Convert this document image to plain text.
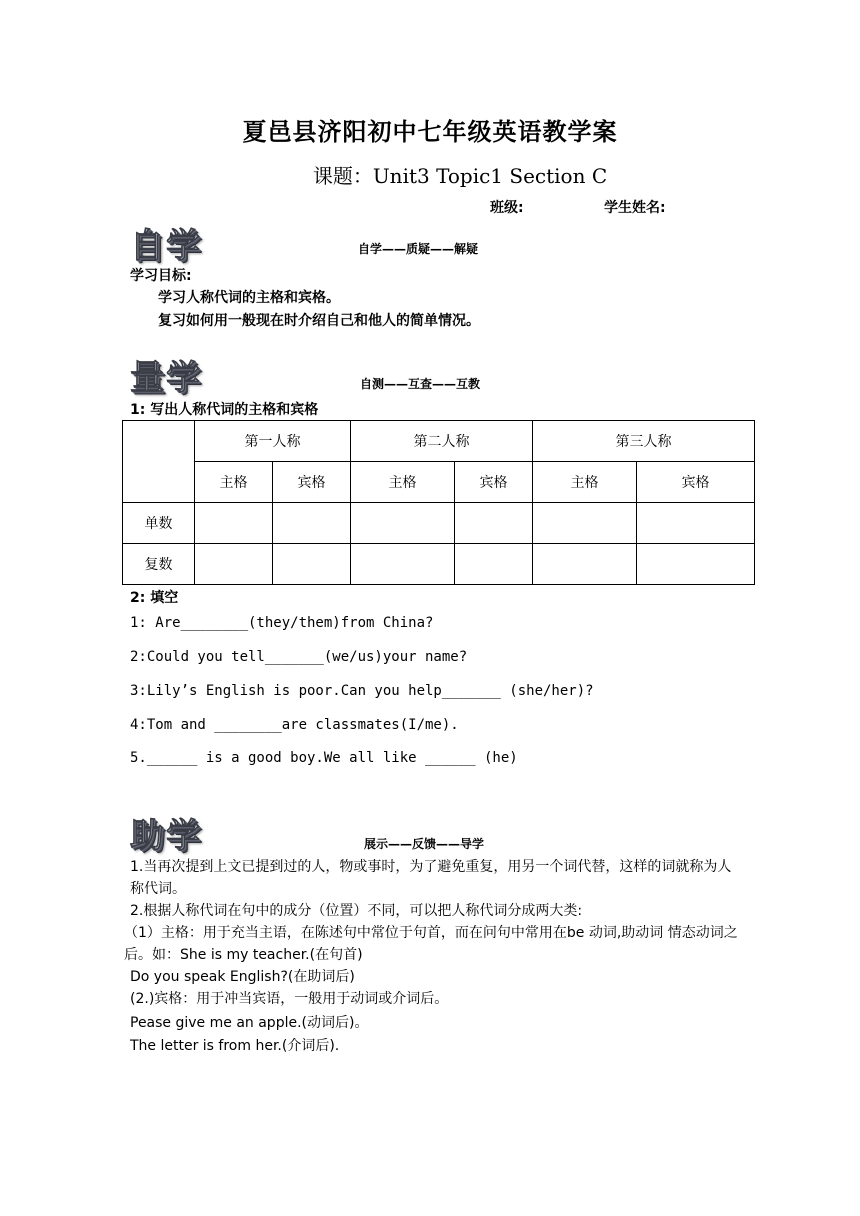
夏邑县济阳初中七年级英语教学案
课题：Unit3 Topic1 Section C
班级:	学生姓名:
自学	自学——质疑——解疑
学习目标:
学习人称代词的主格和宾格。
复习如何用一般现在时介绍自己和他人的简单情况。
量学	自测——互查——互教
1: 写出人称代词的主格和宾格
	第一人称		第二人称		第三人称	
	主格	宾格	主格	宾格	主格	宾格
单数						
复数						
2: 填空
1: Are________(they/them)from China?
2:Could you tell_______(we/us)your name?
3:Lily’s English is poor.Can you help_______ (she/her)?
4:Tom and ________are classmates(I/me).
5.______ is a good boy.We all like ______ (he)
助学	展示——反馈——导学
1.当再次提到上文已提到过的人，物或事时，为了避免重复，用另一个词代替，这样的词就称为人称代词。
2.根据人称代词在句中的成分（位置）不同，可以把人称代词分成两大类:
（1）主格：用于充当主语，在陈述句中常位于句首，而在问句中常用在be 动词,助动词 情态动词之后。如：She is my teacher.(在句首)
Do you speak English?(在助词后)
(2.)宾格：用于冲当宾语，一般用于动词或介词后。
Pease give me an apple.(动词后)。
The letter is from her.(介词后).
